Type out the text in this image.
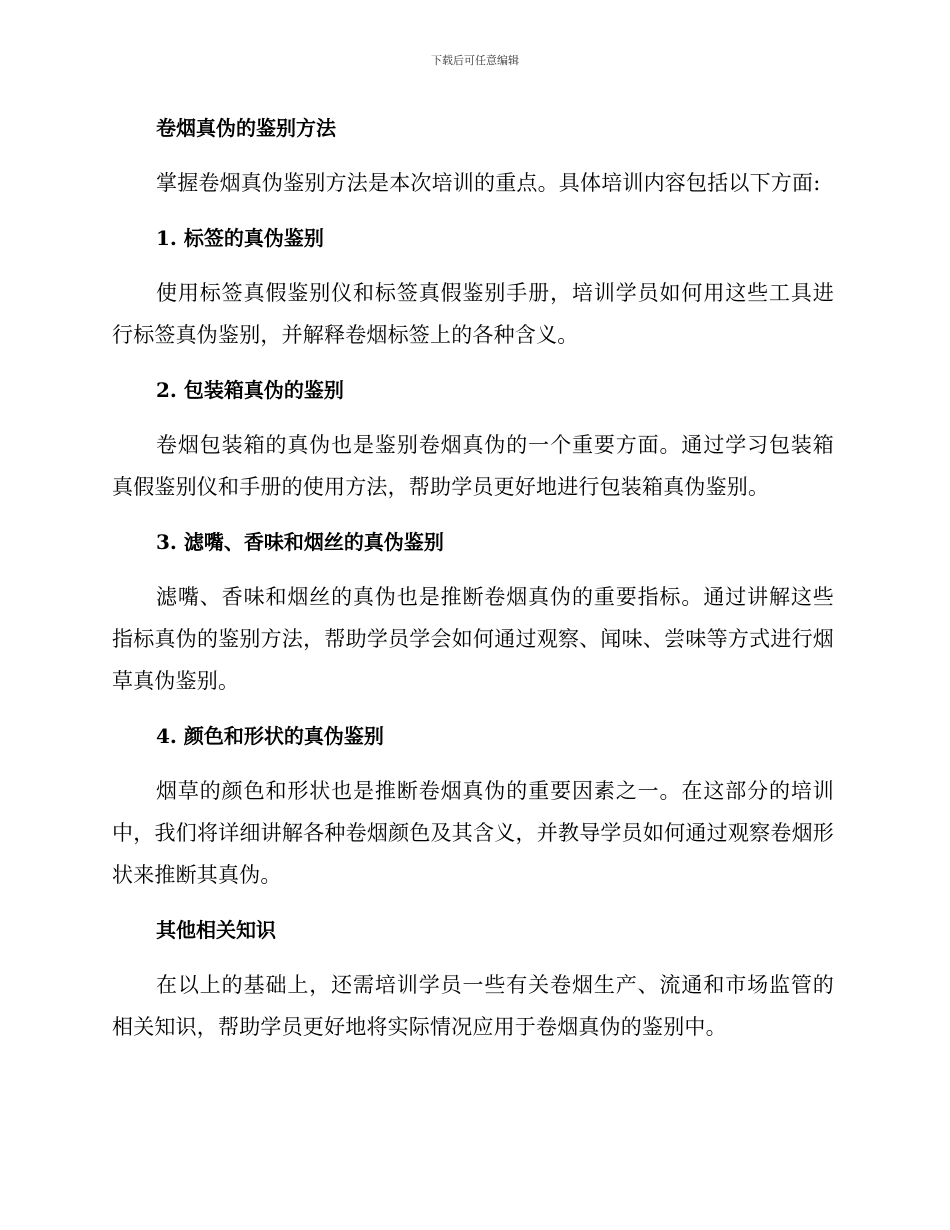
下载后可任意编辑
卷烟真伪的鉴别方法

掌握卷烟真伪鉴别方法是本次培训的重点。具体培训内容包括以下方面:

1. 标签的真伪鉴别

使用标签真假鉴别仪和标签真假鉴别手册，培训学员如何用这些工具进行标签真伪鉴别，并解释卷烟标签上的各种含义。

2. 包装箱真伪的鉴别

卷烟包装箱的真伪也是鉴别卷烟真伪的一个重要方面。通过学习包装箱真假鉴别仪和手册的使用方法，帮助学员更好地进行包装箱真伪鉴别。

3. 滤嘴、香味和烟丝的真伪鉴别

滤嘴、香味和烟丝的真伪也是推断卷烟真伪的重要指标。通过讲解这些指标真伪的鉴别方法，帮助学员学会如何通过观察、闻味、尝味等方式进行烟草真伪鉴别。

4. 颜色和形状的真伪鉴别

烟草的颜色和形状也是推断卷烟真伪的重要因素之一。在这部分的培训中，我们将详细讲解各种卷烟颜色及其含义，并教导学员如何通过观察卷烟形状来推断其真伪。

其他相关知识

在以上的基础上，还需培训学员一些有关卷烟生产、流通和市场监管的相关知识，帮助学员更好地将实际情况应用于卷烟真伪的鉴别中。
